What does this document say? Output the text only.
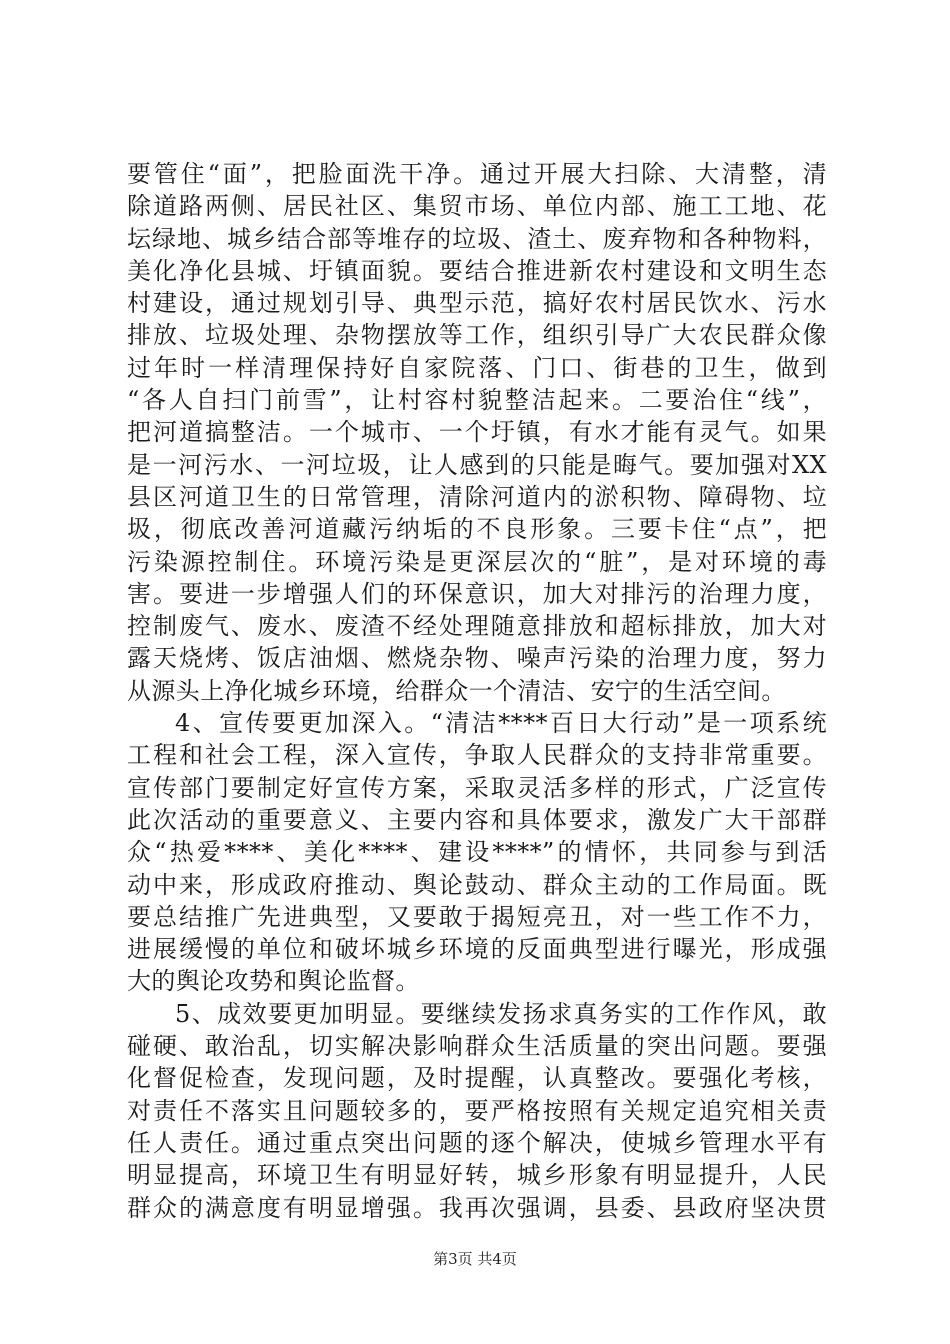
要管住“面”，把脸面洗干净。通过开展大扫除、大清整，清
除道路两侧、居民社区、集贸市场、单位内部、施工工地、花
坛绿地、城乡结合部等堆存的垃圾、渣土、废弃物和各种物料，
美化净化县城、圩镇面貌。要结合推进新农村建设和文明生态
村建设，通过规划引导、典型示范，搞好农村居民饮水、污水
排放、垃圾处理、杂物摆放等工作，组织引导广大农民群众像
过年时一样清理保持好自家院落、门口、街巷的卫生，做到
“各人自扫门前雪”，让村容村貌整洁起来。二要治住“线”，
把河道搞整洁。一个城市、一个圩镇，有水才能有灵气。如果
是一河污水、一河垃圾，让人感到的只能是晦气。要加强对XX
县区河道卫生的日常管理，清除河道内的淤积物、障碍物、垃
圾，彻底改善河道藏污纳垢的不良形象。三要卡住“点”，把
污染源控制住。环境污染是更深层次的“脏”，是对环境的毒
害。要进一步增强人们的环保意识，加大对排污的治理力度，
控制废气、废水、废渣不经处理随意排放和超标排放，加大对
露天烧烤、饭店油烟、燃烧杂物、噪声污染的治理力度，努力
从源头上净化城乡环境，给群众一个清洁、安宁的生活空间。
4、宣传要更加深入。“清洁****百日大行动”是一项系统
工程和社会工程，深入宣传，争取人民群众的支持非常重要。
宣传部门要制定好宣传方案，采取灵活多样的形式，广泛宣传
此次活动的重要意义、主要内容和具体要求，激发广大干部群
众“热爱****、美化****、建设****”的情怀，共同参与到活
动中来，形成政府推动、舆论鼓动、群众主动的工作局面。既
要总结推广先进典型，又要敢于揭短亮丑，对一些工作不力，
进展缓慢的单位和破坏城乡环境的反面典型进行曝光，形成强
大的舆论攻势和舆论监督。
5、成效要更加明显。要继续发扬求真务实的工作作风，敢
碰硬、敢治乱，切实解决影响群众生活质量的突出问题。要强
化督促检查，发现问题，及时提醒，认真整改。要强化考核，
对责任不落实且问题较多的，要严格按照有关规定追究相关责
任人责任。通过重点突出问题的逐个解决，使城乡管理水平有
明显提高，环境卫生有明显好转，城乡形象有明显提升，人民
群众的满意度有明显增强。我再次强调，县委、县政府坚决贯
第3页 共4页
